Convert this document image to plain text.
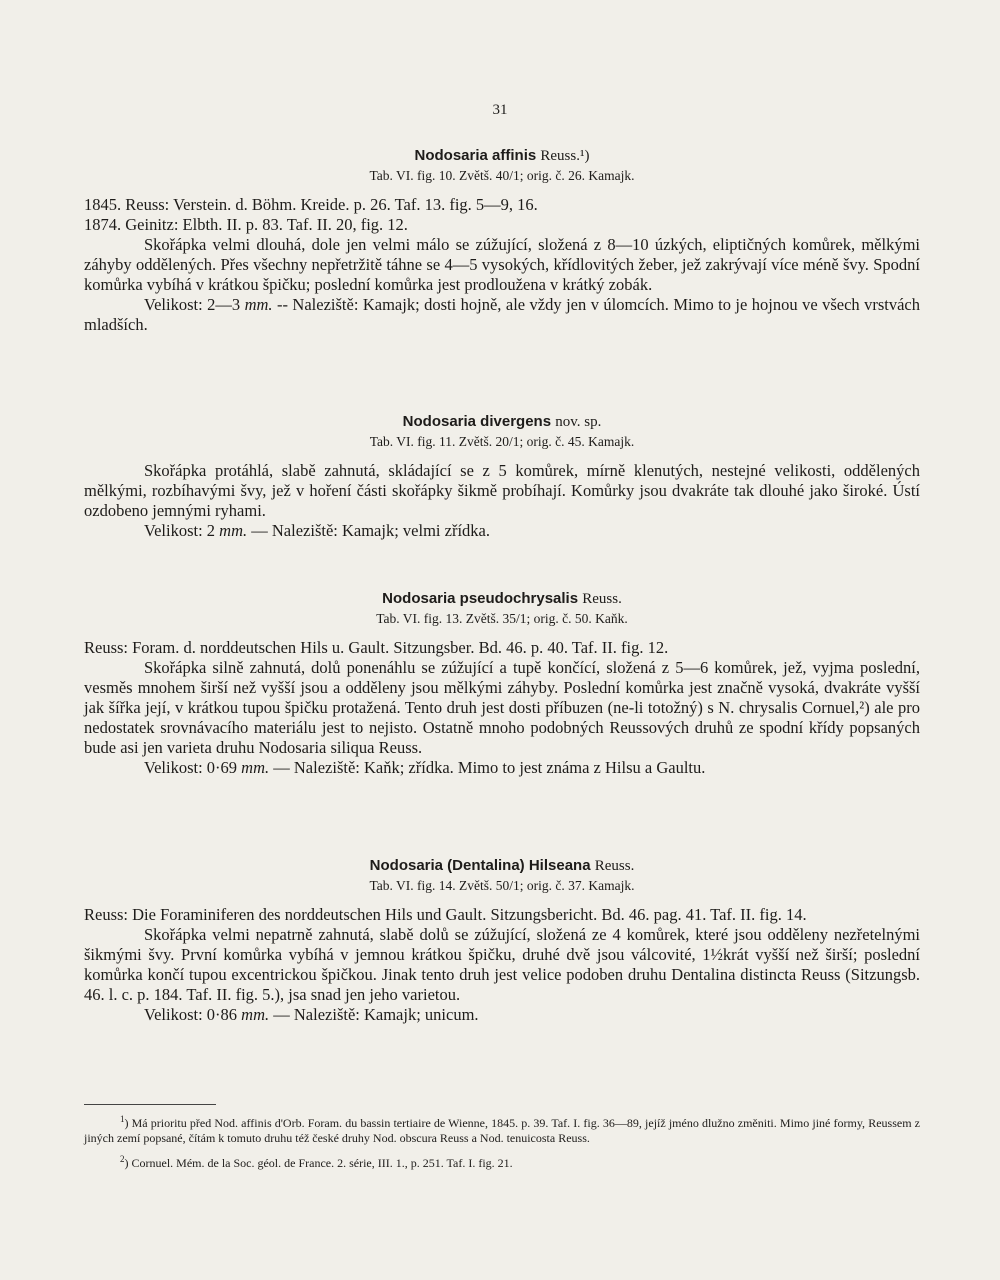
31
Nodosaria affinis Reuss.¹)
Tab. VI. fig. 10. Zvětš. 40/1; orig. č. 26. Kamajk.
1845. Reuss: Verstein. d. Böhm. Kreide. p. 26. Taf. 13. fig. 5—9, 16.
1874. Geinitz: Elbth. II. p. 83. Taf. II. 20, fig. 12.

Skořápka velmi dlouhá, dole jen velmi málo se zúžující, složená z 8—10 úzkých, eliptičných komůrek, mělkými záhyby oddělených. Přes všechny nepřetržitě táhne se 4—5 vysokých, křídlovitých žeber, jež zakrývají více méně švy. Spodní komůrka vybíhá v krátkou špičku; poslední komůrka jest prodloužena v krátký zobák.

Velikost: 2—3 mm. -- Naleziště: Kamajk; dosti hojně, ale vždy jen v úlomcích. Mimo to je hojnou ve všech vrstvách mladších.

Nodosaria divergens nov. sp.
Tab. VI. fig. 11. Zvětš. 20/1; orig. č. 45. Kamajk.

Skořápka protáhlá, slabě zahnutá, skládající se z 5 komůrek, mírně klenutých, nestejné velikosti, oddělených mělkými, rozbíhavými švy, jež v hoření části skořápky šikmě probíhají. Komůrky jsou dvakráte tak dlouhé jako široké. Ústí ozdobeno jemnými ryhami.

Velikost: 2 mm. — Naleziště: Kamajk; velmi zřídka.

Nodosaria pseudochrysalis Reuss.
Tab. VI. fig. 13. Zvětš. 35/1; orig. č. 50. Kaňk.
Reuss: Foram. d. norddeutschen Hils u. Gault. Sitzungsber. Bd. 46. p. 40. Taf. II. fig. 12.

Skořápka silně zahnutá, dolů ponenáhlu se zúžující a tupě končící, složená z 5—6 komůrek, jež, vyjma poslední, vesměs mnohem širší než vyšší jsou a odděleny jsou mělkými záhyby. Poslední komůrka jest značně vysoká, dvakráte vyšší jak šířka její, v krátkou tupou špičku protažená. Tento druh jest dosti příbuzen (ne-li totožný) s N. chrysalis Cornuel,²) ale pro nedostatek srovnávacího materiálu jest to nejisto. Ostatně mnoho podobných Reussových druhů ze spodní křídy popsaných bude asi jen varieta druhu Nodosaria siliqua Reuss.

Velikost: 0·69 mm. — Naleziště: Kaňk; zřídka. Mimo to jest známa z Hilsu a Gaultu.

Nodosaria (Dentalina) Hilseana Reuss.
Tab. VI. fig. 14. Zvětš. 50/1; orig. č. 37. Kamajk.
Reuss: Die Foraminiferen des norddeutschen Hils und Gault. Sitzungsbericht. Bd. 46. pag. 41. Taf. II. fig. 14.

Skořápka velmi nepatrně zahnutá, slabě dolů se zúžující, složená ze 4 komůrek, které jsou odděleny nezřetelnými šikmými švy. První komůrka vybíhá v jemnou krátkou špičku, druhé dvě jsou válcovité, 1½krát vyšší než širší; poslední komůrka končí tupou excentrickou špičkou. Jinak tento druh jest velice podoben druhu Dentalina distincta Reuss (Sitzungsb. 46. l. c. p. 184. Taf. II. fig. 5.), jsa snad jen jeho varietou.

Velikost: 0·86 mm. — Naleziště: Kamajk; unicum.

$^1$) Má prioritu před Nod. affinis d'Orb. Foram. du bassin tertiaire de Wienne, 1845. p. 39. Taf. I. fig. 36—89, jejíž jméno dlužno změniti. Mimo jiné formy, Reussem z jiných zemí popsané, čítám k tomuto druhu též české druhy Nod. obscura Reuss a Nod. tenuicosta Reuss.
$^2$) Cornuel. Mém. de la Soc. géol. de France. 2. série, III. 1., p. 251. Taf. I. fig. 21.
